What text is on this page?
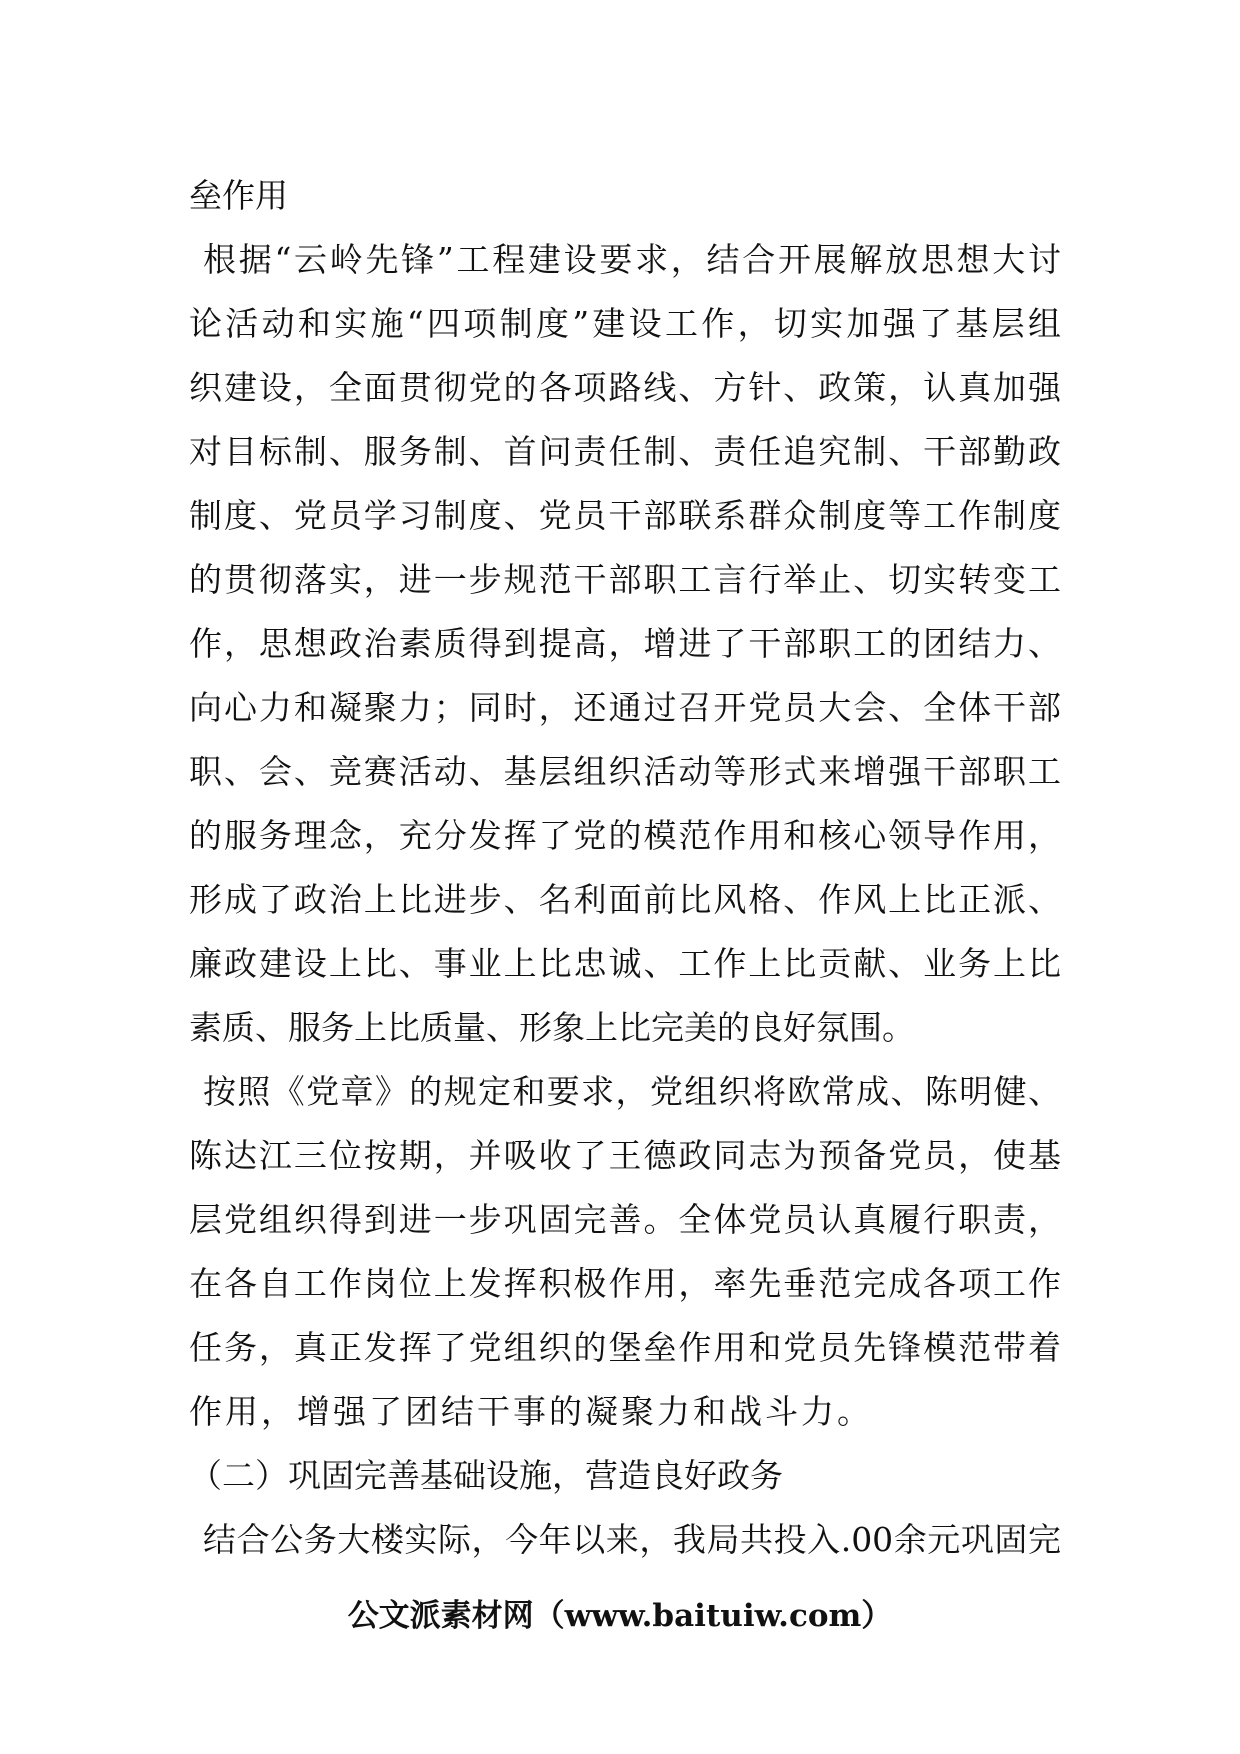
垒作用
根据“云岭先锋”工程建设要求，结合开展解放思想大讨
论活动和实施“四项制度”建设工作，切实加强了基层组
织建设，全面贯彻党的各项路线、方针、政策，认真加强
对目标制、服务制、首问责任制、责任追究制、干部勤政
制度、党员学习制度、党员干部联系群众制度等工作制度
的贯彻落实，进一步规范干部职工言行举止、切实转变工
作，思想政治素质得到提高，增进了干部职工的团结力、
向心力和凝聚力；同时，还通过召开党员大会、全体干部
职、会、竞赛活动、基层组织活动等形式来增强干部职工
的服务理念，充分发挥了党的模范作用和核心领导作用，
形成了政治上比进步、名利面前比风格、作风上比正派、
廉政建设上比、事业上比忠诚、工作上比贡献、业务上比
素质、服务上比质量、形象上比完美的良好氛围。
按照《党章》的规定和要求，党组织将欧常成、陈明健、
陈达江三位按期，并吸收了王德政同志为预备党员，使基
层党组织得到进一步巩固完善。全体党员认真履行职责，
在各自工作岗位上发挥积极作用，率先垂范完成各项工作
任务，真正发挥了党组织的堡垒作用和党员先锋模范带着
作用，增强了团结干事的凝聚力和战斗力。
（二）巩固完善基础设施，营造良好政务
结合公务大楼实际，今年以来，我局共投入.00余元巩固完
公文派素材网（www.baituiw.com）
